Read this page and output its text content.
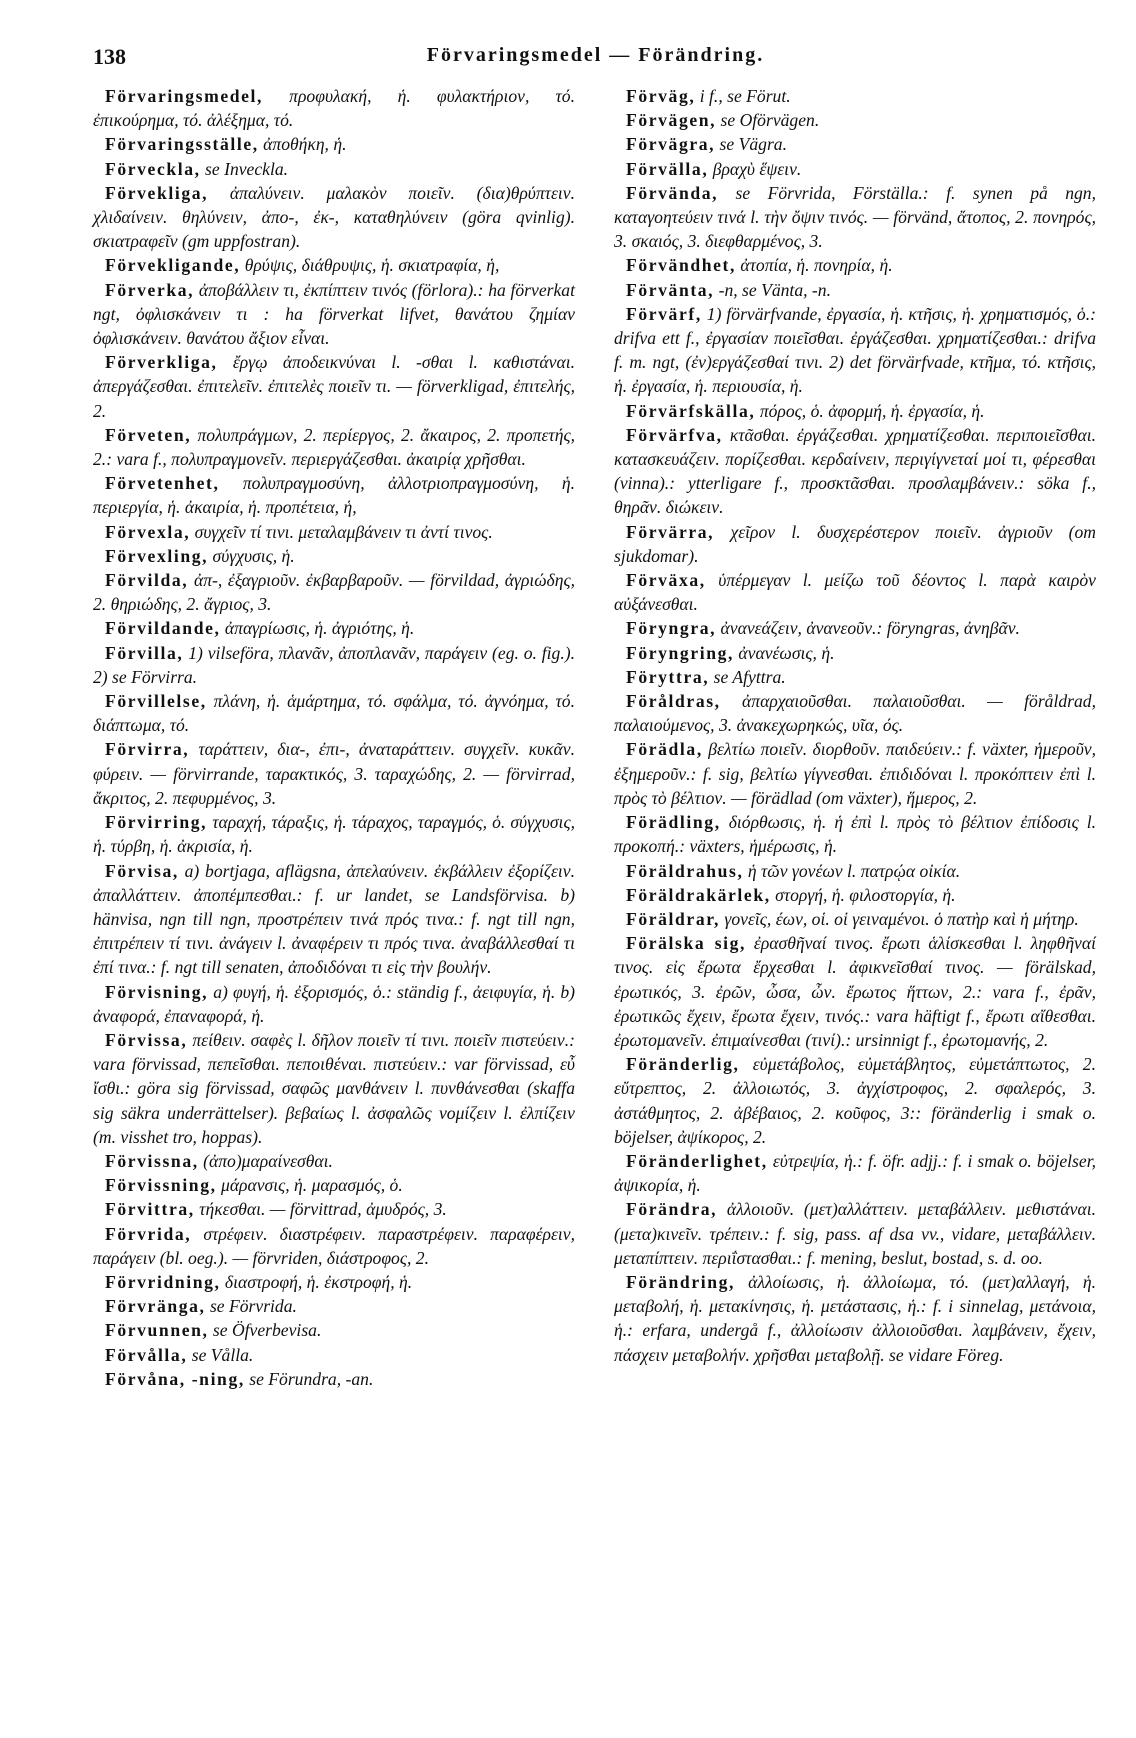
138	Förvaringsmedel — Förändring.

Förvaringsmedel, προφυλακή, ἡ. φυλακτήριον, τό. ἐπικούρημα, τό. ἀλέξημα, τό.

Förvaringsställe, ἀποθήκη, ἡ.

Förveckla, se Inveckla.

Förvekliga, ἀπαλύνειν. μαλακὸν ποιεῖν. (δια)θρύπτειν. χλιδαίνειν. θηλύνειν, ἀπο-, ἐκ-, καταθηλύνειν (göra qvinlig). σκιατραφεῖν (gm uppfostran).

Förvekligande, θρύψις, διάθρυψις, ἡ. σκιατραφία, ἡ,

Förverka, ἀποβάλλειν τι, ἐκπίπτειν τινός (förlora).: ha förverkat ngt, ὀφλισκάνειν τι : ha förverkat lifvet, θανάτου ζημίαν ὀφλισκάνειν. θανάτου ἄξιον εἶναι.

Förverkliga, ἔργῳ ἀποδεικνύναι l. -σθαι l. καθιστάναι. ἀπεργάζεσθαι. ἐπιτελεῖν. ἐπιτελὲς ποιεῖν τι. — förverkligad, ἐπιτελής, 2.

Förveten, πολυπράγμων, 2. περίεργος, 2. ἄκαιρος, 2. προπετής, 2.: vara f., πολυπραγμονεῖν. περιεργάζεσθαι. ἀκαιρίᾳ χρῆσθαι.

Förvetenhet, πολυπραγμοσύνη, ἀλλοτριοπραγμοσύνη, ἡ. περιεργία, ἡ. ἀκαιρία, ἡ. προπέτεια, ἡ,

Förvexla, συγχεῖν τί τινι. μεταλαμβάνειν τι ἀντί τινος.

Förvexling, σύγχυσις, ἡ.

Förvilda, ἀπ-, ἐξαγριοῦν. ἐκβαρβαροῦν. — förvildad, ἀγριώδης, 2. θηριώδης, 2. ἄγριος, 3.

Förvildande, ἀπαγρίωσις, ἡ. ἀγριότης, ἡ.

Förvilla, 1) vilseföra, πλανᾶν, ἀποπλανᾶν, παράγειν (eg. o. fig.). 2) se Förvirra.

Förvillelse, πλάνη, ἡ. ἁμάρτημα, τό. σφάλμα, τό. ἀγνόημα, τό. διάπτωμα, τό.

Förvirra, ταράττειν, δια-, ἐπι-, ἀναταράττειν. συγχεῖν. κυκᾶν. φύρειν. — förvirrande, ταρακτικός, 3. ταραχώδης, 2. — förvirrad, ἄκριτος, 2. πεφυρμένος, 3.

Förvirring, ταραχή, τάραξις, ἡ. τάραχος, ταραγμός, ὁ. σύγχυσις, ἡ. τύρβη, ἡ. ἀκρισία, ἡ.

Förvisa, a) bortjaga, aflägsna, ἀπελαύνειν. ἐκβάλλειν ἐξορίζειν. ἀπαλλάττειν. ἀποπέμπεσθαι.: f. ur landet, se Landsförvisa. b) hänvisa, ngn till ngn, προστρέπειν τινά πρός τινα.: f. ngt till ngn, ἐπιτρέπειν τί τινι. ἀνάγειν l. ἀναφέρειν τι πρός τινα. ἀναβάλλεσθαί τι ἐπί τινα.: f. ngt till senaten, ἀποδιδόναι τι εἰς τὴν βουλήν.

Förvisning, a) φυγή, ἡ. ἐξορισμός, ὁ.: ständig f., ἀειφυγία, ἡ. b) ἀναφορά, ἐπαναφορά, ἡ.

Förvissa, πείθειν. σαφὲς l. δῆλον ποιεῖν τί τινι. ποιεῖν πιστεύειν.: vara förvissad, πεπεῖσθαι. πεποιθέναι. πιστεύειν.: var förvissad, εὖ ἴσθι.: göra sig förvissad, σαφῶς μανθάνειν l. πυνθάνεσθαι (skaffa sig säkra underrättelser). βεβαίως l. ἀσφαλῶς νομίζειν l. ἐλπίζειν (m. visshet tro, hoppas).

Förvissna, (ἀπο)μαραίνεσθαι.

Förvissning, μάρανσις, ἡ. μαρασμός, ὁ.

Förvittra, τήκεσθαι. — förvittrad, ἀμυδρός, 3.

Förvrida, στρέφειν. διαστρέφειν. παραστρέφειν. παραφέρειν, παράγειν (bl. oeg.). — förvriden, διάστροφος, 2.

Förvridning, διαστροφή, ἡ. ἐκστροφή, ἡ.

Förvränga, se Förvrida.

Förvunnen, se Öfverbevisa.

Förvålla, se Vålla.

Förvåna, -ning, se Förundra, -an.

Förväg, i f., se Förut.

Förvägen, se Oförvägen.

Förvägra, se Vägra.

Förvälla, βραχὺ ἕψειν.

Förvända, se Förvrida, Förställa.: f. synen på ngn, καταγοητεύειν τινά l. τὴν ὄψιν τινός. — förvänd, ἄτοπος, 2. πονηρός, 3. σκαιός, 3. διεφθαρμένος, 3.

Förvändhet, ἀτοπία, ἡ. πονηρία, ἡ.

Förvänta, -n, se Vänta, -n.

Förvärf, 1) förvärfvande, ἐργασία, ἡ. κτῆσις, ἡ. χρηματισμός, ὁ.: drifva ett f., ἐργασίαν ποιεῖσθαι. ἐργάζεσθαι. χρηματίζεσθαι.: drifva f. m. ngt, (ἐν)εργάζεσθαί τινι. 2) det förvärfvade, κτῆμα, τό. κτῆσις, ἡ. ἐργασία, ἡ. περιουσία, ἡ.

Förvärfskälla, πόρος, ὁ. ἀφορμή, ἡ. ἐργασία, ἡ.

Förvärfva, κτᾶσθαι. ἐργάζεσθαι. χρηματίζεσθαι. περιποιεῖσθαι. κατασκευάζειν. πορίζεσθαι. κερδαίνειν, περιγίγνεταί μοί τι, φέρεσθαι (vinna).: ytterligare f., προσκτᾶσθαι. προσλαμβάνειν.: söka f., θηρᾶν. διώκειν.

Förvärra, χεῖρον l. δυσχερέστερον ποιεῖν. ἀγριοῦν (om sjukdomar).

Förväxa, ὑπέρμεγαν l. μείζω τοῦ δέοντος l. παρὰ καιρὸν αὐξάνεσθαι.

Föryngra, ἀνανεάζειν, ἀνανεοῦν.: föryngras, ἀνηβᾶν.

Föryngring, ἀνανέωσις, ἡ.

Föryttra, se Afyttra.

Föråldras, ἀπαρχαιοῦσθαι. παλαιοῦσθαι. — föråldrad, παλαιούμενος, 3. ἀνακεχωρηκώς, υῖα, ός.

Förädla, βελτίω ποιεῖν. διορθοῦν. παιδεύειν.: f. växter, ἡμεροῦν, ἐξημεροῦν.: f. sig, βελτίω γίγνεσθαι. ἐπιδιδόναι l. προκόπτειν ἐπὶ l. πρὸς τὸ βέλτιον. — förädlad (om växter), ἥμερος, 2.

Förädling, διόρθωσις, ἡ. ἡ ἐπὶ l. πρὸς τὸ βέλτιον ἐπίδοσις l. προκοπή.: växters, ἡμέρωσις, ἡ.

Föräldrahus, ἡ τῶν γονέων l. πατρῴα οἰκία.

Föräldrakärlek, στοργή, ἡ. φιλοστοργία, ἡ.

Föräldrar, γονεῖς, έων, οἱ. οἱ γειναμένοι. ὁ πατὴρ καὶ ἡ μήτηρ.

Förälska sig, ἐρασθῆναί τινος. ἔρωτι ἁλίσκεσθαι l. ληφθῆναί τινος. εἰς ἔρωτα ἔρχεσθαι l. ἀφικνεῖσθαί τινος. — förälskad, ἐρωτικός, 3. ἐρῶν, ὦσα, ὦν. ἔρωτος ἥττων, 2.: vara f., ἐρᾶν, ἐρωτικῶς ἔχειν, ἔρωτα ἔχειν, τινός.: vara häftigt f., ἔρωτι αἴθεσθαι. ἐρωτομανεῖν. ἐπιμαίνεσθαι (τινί).: ursinnigt f., ἐρωτομανής, 2.

Föränderlig, εὐμετάβολος, εὐμετάβλητος, εὐμετάπτωτος, 2. εὔτρεπτος, 2. ἀλλοιωτός, 3. ἀγχίστροφος, 2. σφαλερός, 3. ἀστάθμητος, 2. ἀβέβαιος, 2. κοῦφος, 3:: föränderlig i smak o. böjelser, ἀψίκορος, 2.

Föränderlighet, εὐτρεψία, ἡ.: f. öfr. adjj.: f. i smak o. böjelser, ἀψικορία, ἡ.

Förändra, ἀλλοιοῦν. (μετ)αλλάττειν. μεταβάλλειν. μεθιστάναι. (μετα)κινεῖν. τρέπειν.: f. sig, pass. af dsa vv., vidare, μεταβάλλειν. μεταπίπτειν. περιΐστασθαι.: f. mening, beslut, bostad, s. d. oo.

Förändring, ἀλλοίωσις, ἡ. ἀλλοίωμα, τό. (μετ)αλλαγή, ἡ. μεταβολή, ἡ. μετακίνησις, ἡ. μετάστασις, ἡ.: f. i sinnelag, μετάνοια, ἡ.: erfara, undergå f., ἀλλοίωσιν ἀλλοιοῦσθαι. λαμβάνειν, ἔχειν, πάσχειν μεταβολήν. χρῆσθαι μεταβολῇ. se vidare Föreg.
